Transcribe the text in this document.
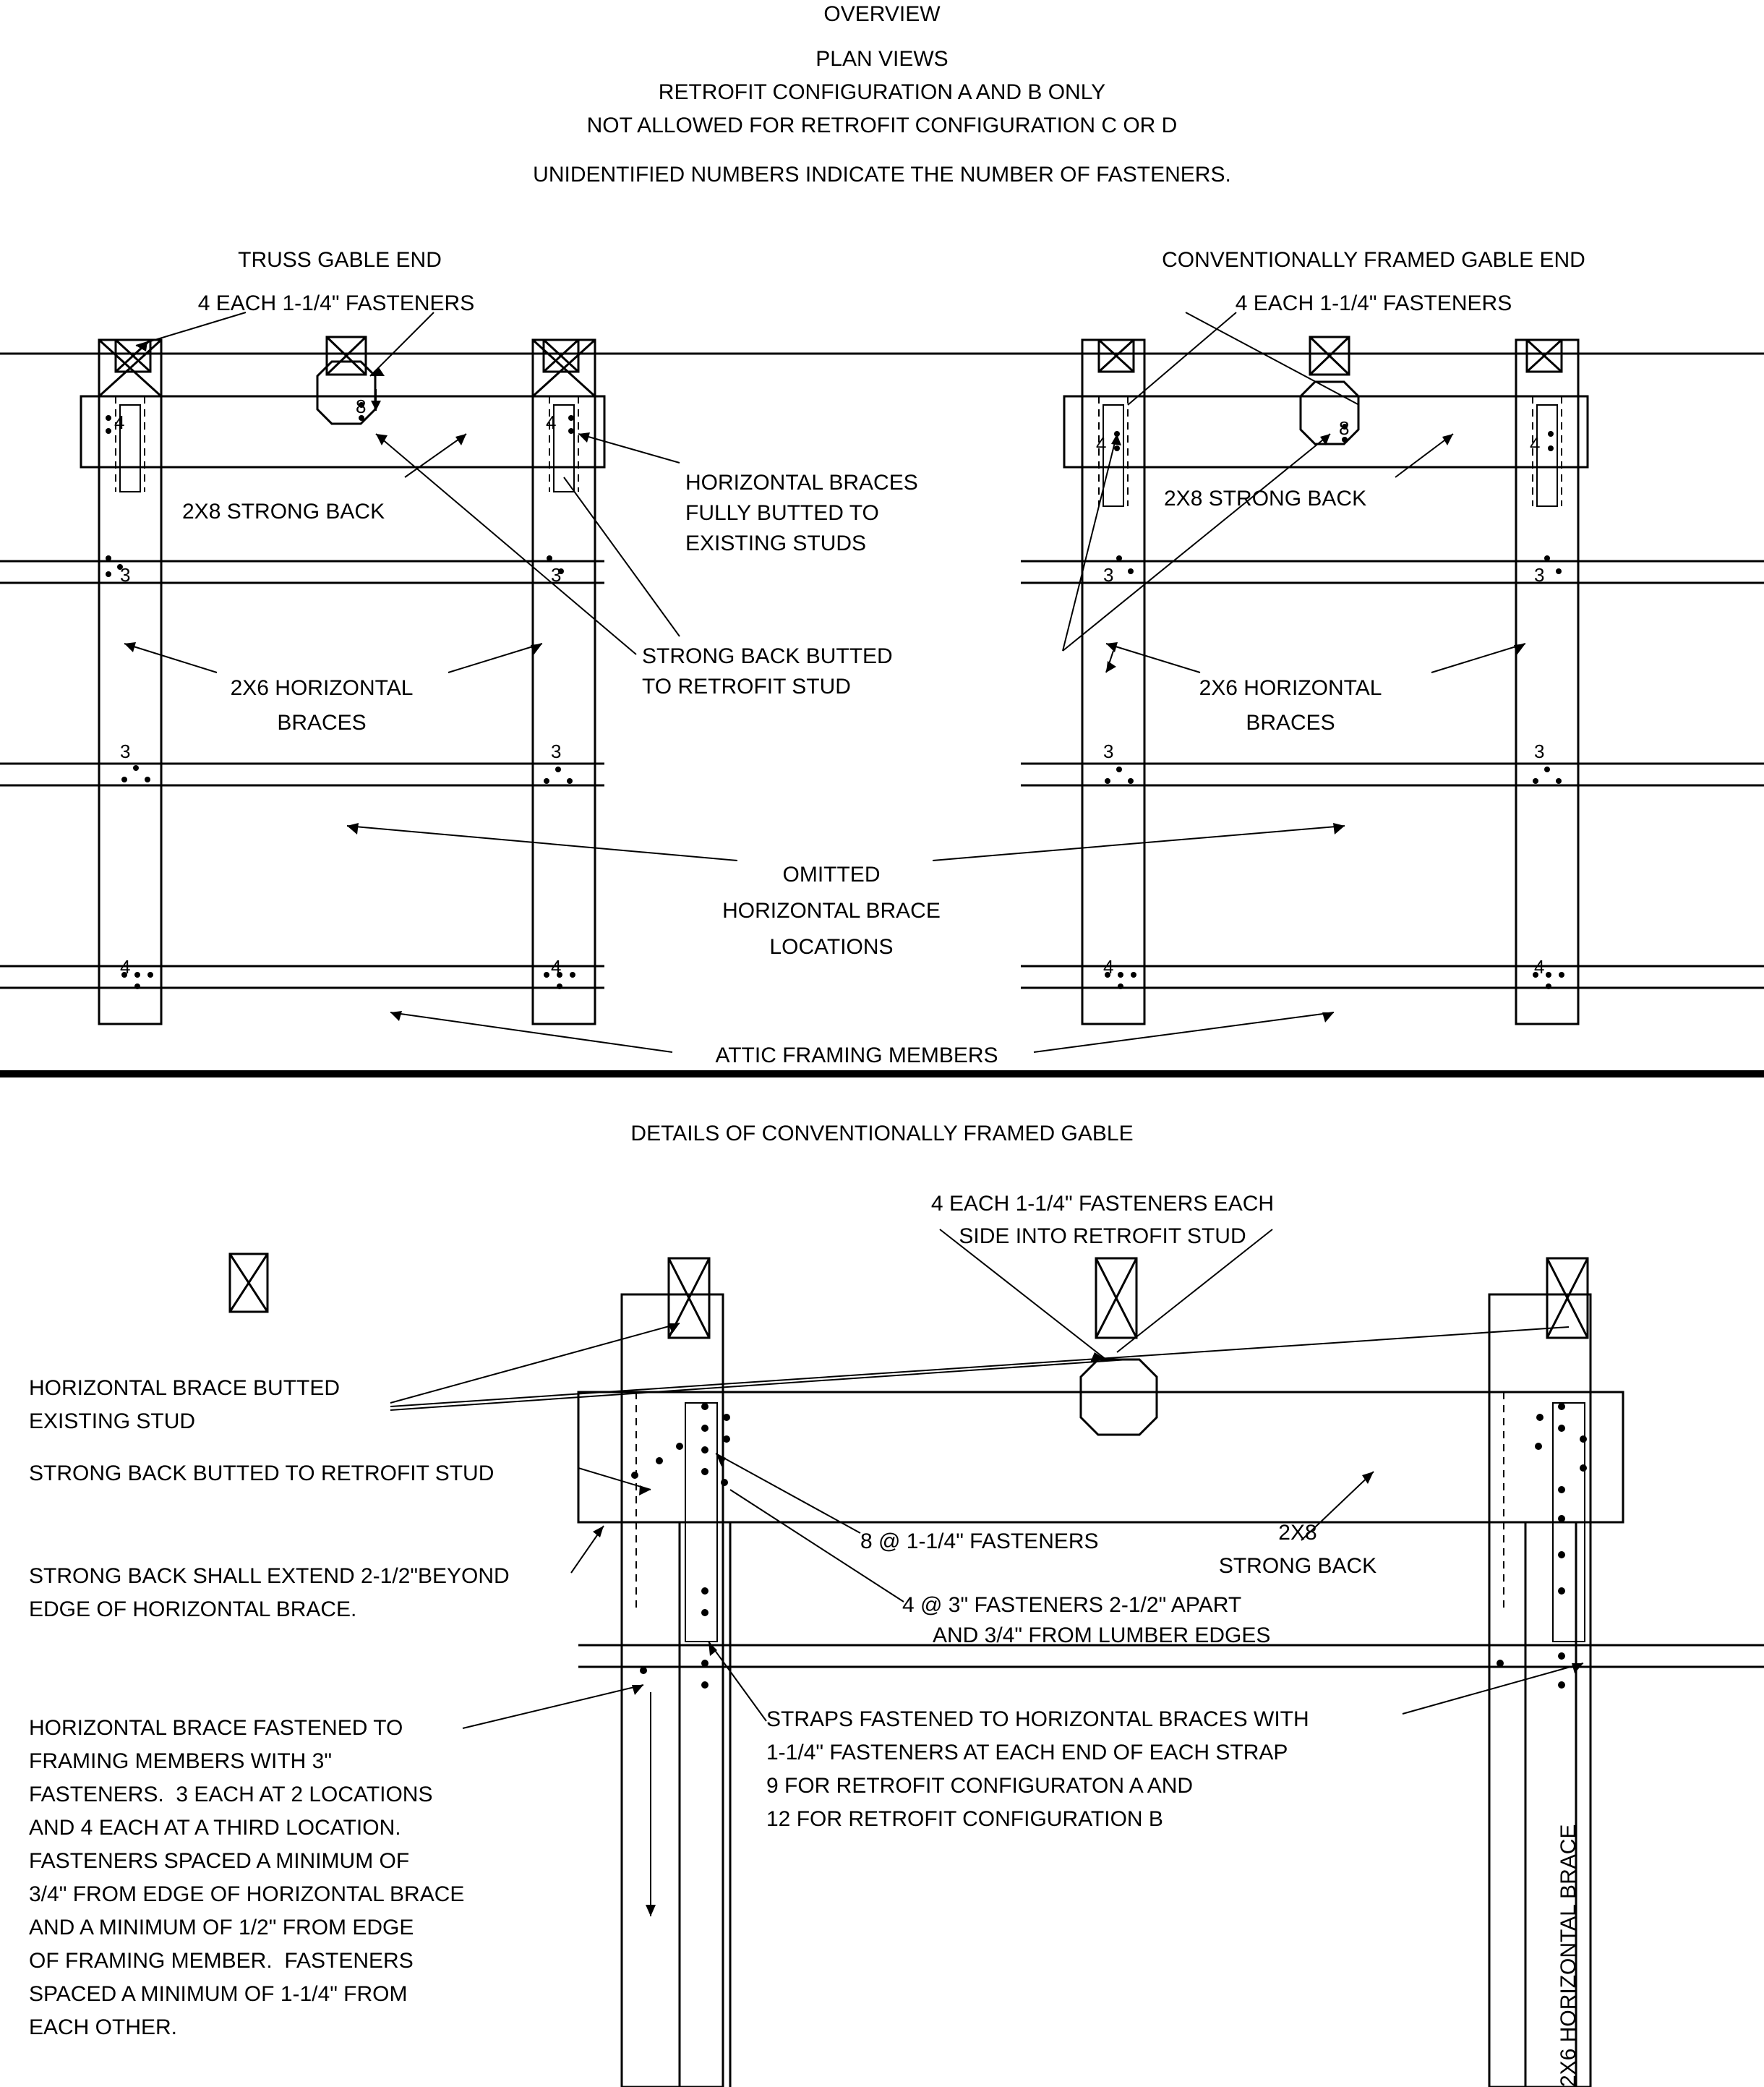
OVERVIEW
PLAN VIEWS
RETROFIT CONFIGURATION A AND B ONLY
NOT ALLOWED FOR RETROFIT CONFIGURATION C OR D
UNIDENTIFIED NUMBERS INDICATE THE NUMBER OF FASTENERS.
TRUSS GABLE END
4 EACH 1-1/4" FASTENERS
2X8 STRONG BACK
HORIZONTAL BRACES
FULLY BUTTED TO
EXISTING STUDS
STRONG BACK BUTTED
TO RETROFIT STUD
2X6 HORIZONTAL
BRACES
4
8
4
3	3
3	3
4	4
CONVENTIONALLY FRAMED GABLE END
4 EACH 1-1/4" FASTENERS
2X8 STRONG BACK
2X6 HORIZONTAL
BRACES
4
8
4
3	3
3	3
4	4
OMITTED
HORIZONTAL BRACE
LOCATIONS
ATTIC FRAMING MEMBERS
DETAILS OF CONVENTIONALLY FRAMED GABLE
4 EACH 1-1/4" FASTENERS EACH
SIDE INTO RETROFIT STUD
HORIZONTAL BRACE BUTTED
EXISTING STUD
STRONG BACK BUTTED TO RETROFIT STUD
STRONG BACK SHALL EXTEND 2-1/2"BEYOND
EDGE OF HORIZONTAL BRACE.
HORIZONTAL BRACE FASTENED TO
FRAMING MEMBERS WITH 3"
FASTENERS.  3 EACH AT 2 LOCATIONS
AND 4 EACH AT A THIRD LOCATION.
FASTENERS SPACED A MINIMUM OF
3/4" FROM EDGE OF HORIZONTAL BRACE
AND A MINIMUM OF 1/2" FROM EDGE
OF FRAMING MEMBER.  FASTENERS
SPACED A MINIMUM OF 1-1/4" FROM
EACH OTHER.
8 @ 1-1/4" FASTENERS
4 @ 3" FASTENERS 2-1/2" APART
AND 3/4" FROM LUMBER EDGES
2X8
STRONG BACK
STRAPS FASTENED TO HORIZONTAL BRACES WITH
1-1/4" FASTENERS AT EACH END OF EACH STRAP
9 FOR RETROFIT CONFIGURATON A AND
12 FOR RETROFIT CONFIGURATION B
2X6 HORIZONTAL BRACE
